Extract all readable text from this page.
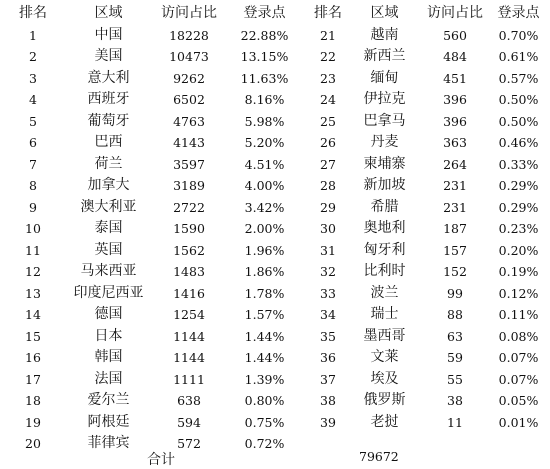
排名	区域	访问占比	登录点	排名	区域	访问占比	登录点
1	中国	18228	22.88%	21	越南	560	0.70%
2	美国	10473	13.15%	22	新西兰	484	0.61%
3	意大利	9262	11.63%	23	缅甸	451	0.57%
4	西班牙	6502	8.16%	24	伊拉克	396	0.50%
5	葡萄牙	4763	5.98%	25	巴拿马	396	0.50%
6	巴西	4143	5.20%	26	丹麦	363	0.46%
7	荷兰	3597	4.51%	27	柬埔寨	264	0.33%
8	加拿大	3189	4.00%	28	新加坡	231	0.29%
9	澳大利亚	2722	3.42%	29	希腊	231	0.29%
10	泰国	1590	2.00%	30	奥地利	187	0.23%
11	英国	1562	1.96%	31	匈牙利	157	0.20%
12	马来西亚	1483	1.86%	32	比利时	152	0.19%
13	印度尼西亚	1416	1.78%	33	波兰	99	0.12%
14	德国	1254	1.57%	34	瑞士	88	0.11%
15	日本	1144	1.44%	35	墨西哥	63	0.08%
16	韩国	1144	1.44%	36	文莱	59	0.07%
17	法国	1111	1.39%	37	埃及	55	0.07%
18	爱尔兰	638	0.80%	38	俄罗斯	38	0.05%
19	阿根廷	594	0.75%	39	老挝	11	0.01%
20	菲律宾	572	0.72%				
合计	79672
